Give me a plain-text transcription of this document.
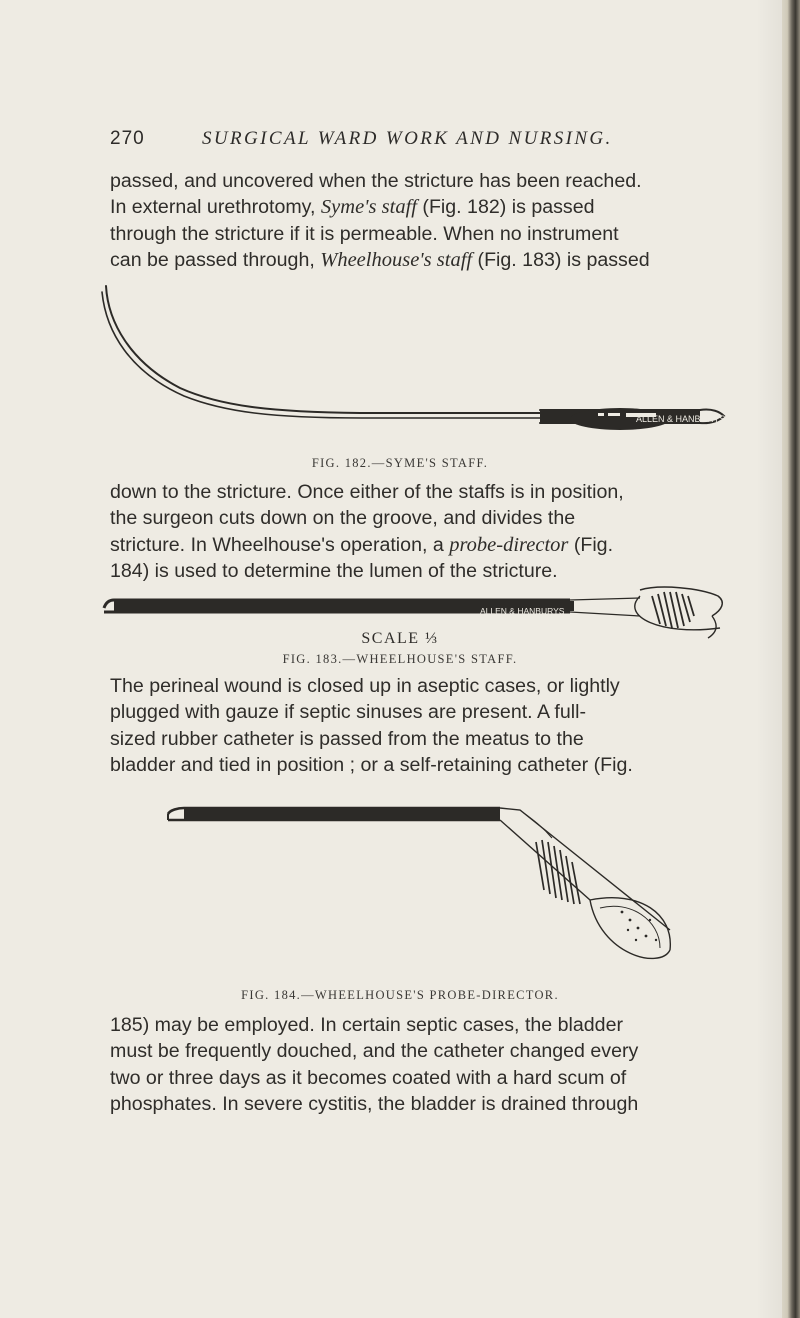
270	SURGICAL WARD WORK AND NURSING.
passed, and uncovered when the stricture has been reached.
In external urethrotomy, Syme's staff (Fig. 182) is passed
through the stricture if it is permeable. When no instrument
can be passed through, Wheelhouse's staff (Fig. 183) is passed
ALLEN & HANBURYS
FIG. 182.—SYME'S STAFF.
down to the stricture. Once either of the staffs is in position,
the surgeon cuts down on the groove, and divides the
stricture. In Wheelhouse's operation, a probe-director (Fig.
184) is used to determine the lumen of the stricture.
ALLEN & HANBURYS
SCALE ⅓
FIG. 183.—WHEELHOUSE'S STAFF.
The perineal wound is closed up in aseptic cases, or lightly
plugged with gauze if septic sinuses are present. A full-
sized rubber catheter is passed from the meatus to the
bladder and tied in position ; or a self-retaining catheter (Fig.
FIG. 184.—WHEELHOUSE'S PROBE-DIRECTOR.
185) may be employed. In certain septic cases, the bladder
must be frequently douched, and the catheter changed every
two or three days as it becomes coated with a hard scum of
phosphates. In severe cystitis, the bladder is drained through
